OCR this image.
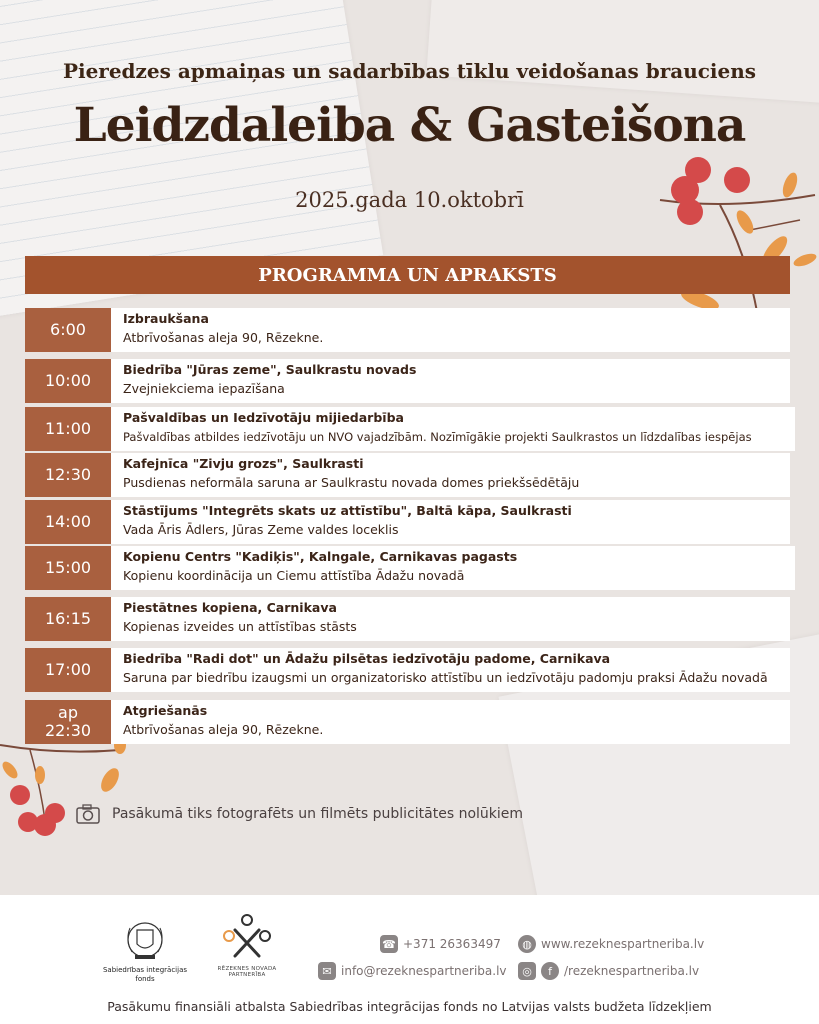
Pieredzes apmaiņas un sadarbības tīklu veidošanas brauciens
Leidzdaleiba & Gasteišona
2025.gada 10.oktobrī
PROGRAMMA UN APRAKSTS
6:00
Izbraukšana
Atbrīvošanas aleja 90, Rēzekne.
10:00
Biedrība "Jūras zeme", Saulkrastu novads
Zvejniekciema iepazīšana
11:00
Pašvaldības un Iedzīvotāju mijiedarbība
Pašvaldības atbildes iedzīvotāju un NVO vajadzībām. Nozīmīgākie projekti Saulkrastos un līdzdalības iespējas
12:30
Kafejnīca "Zivju grozs", Saulkrasti
Pusdienas neformāla saruna ar Saulkrastu novada domes priekšsēdētāju
14:00
Stāstījums "Integrēts skats uz attīstību", Baltā kāpa, Saulkrasti
Vada Āris Ādlers, Jūras Zeme valdes loceklis
15:00
Kopienu Centrs "Kadiķis", Kalngale, Carnikavas pagasts
Kopienu koordinācija un Ciemu attīstība Ādažu novadā
16:15
Piestātnes kopiena, Carnikava
Kopienas izveides un attīstības stāsts
17:00
Biedrība "Radi dot" un Ādažu pilsētas iedzīvotāju padome, Carnikava
Saruna par biedrību izaugsmi un organizatorisko attīstību un iedzīvotāju padomju praksi Ādažu novadā
ap 22:30
Atgriešanās
Atbrīvošanas aleja 90, Rēzekne.
Pasākumā tiks fotografēts un filmēts publicitātes nolūkiem
Sabiedrības integrācijas fonds
RĒZEKNES NOVADA PARTNERĪBA
☎ +371 26363497
✉ info@rezeknespartneriba.lv
◍ www.rezeknespartneriba.lv
◎	f	/rezeknespartneriba.lv
Pasākumu finansiāli atbalsta Sabiedrības integrācijas fonds no Latvijas valsts budžeta līdzekļiem
